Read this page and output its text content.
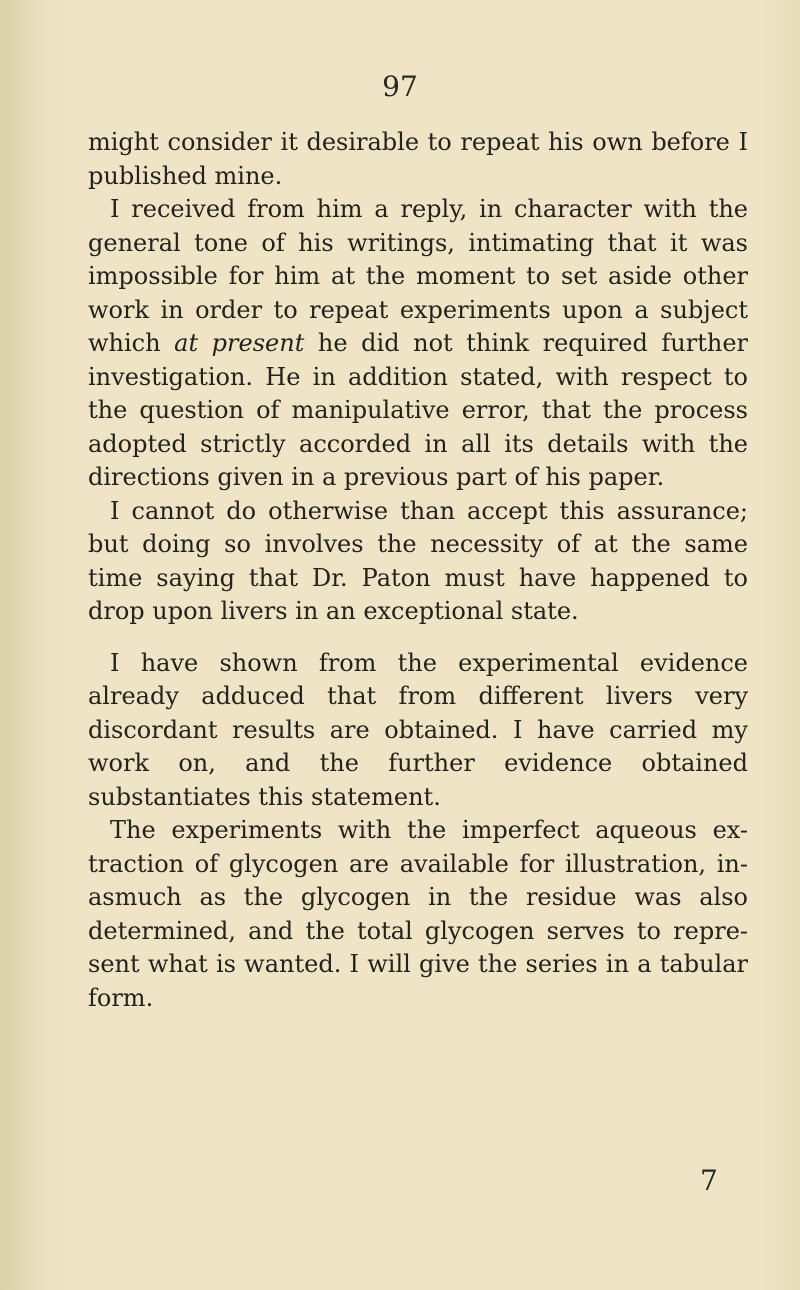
97

might consider it desirable to repeat his own before I published mine.

I received from him a reply, in character with the general tone of his writings, intimating that it was impossible for him at the moment to set aside other work in order to repeat experiments upon a subject which at present he did not think required further investigation. He in addition stated, with respect to the question of manipulative error, that the process adopted strictly accorded in all its details with the directions given in a previous part of his paper.

I cannot do otherwise than accept this assurance; but doing so involves the necessity of at the same time saying that Dr. Paton must have happened to drop upon livers in an exceptional state.

I have shown from the experimental evidence already adduced that from different livers very discordant results are obtained. I have carried my work on, and the further evidence obtained substantiates this statement.

The experiments with the imperfect aqueous ex-traction of glycogen are available for illustration, in-asmuch as the glycogen in the residue was also determined, and the total glycogen serves to repre-sent what is wanted. I will give the series in a tabular form.

7
